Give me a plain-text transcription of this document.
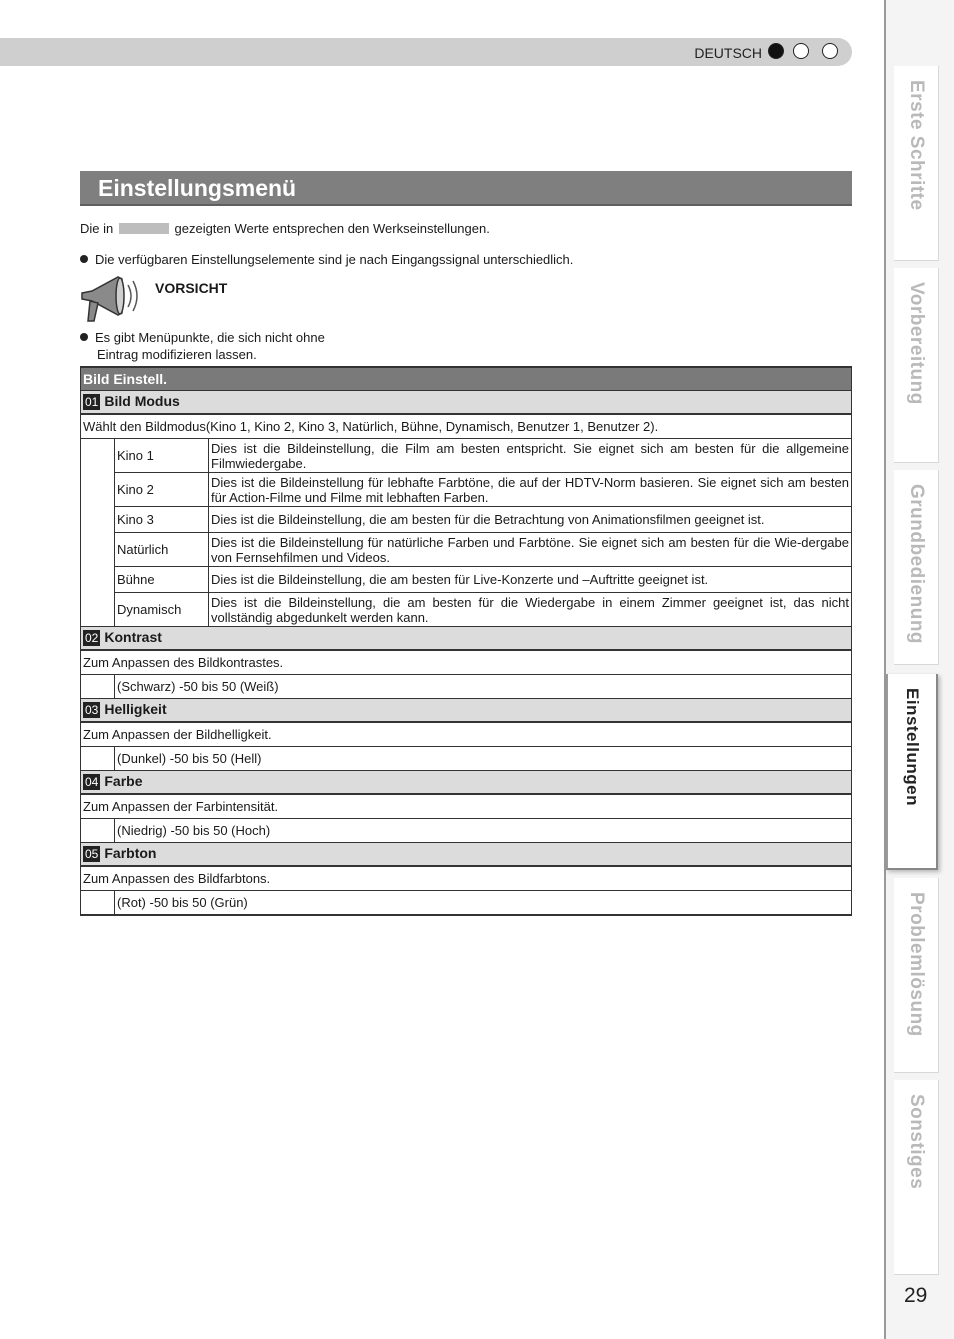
DEUTSCH
Erste Schritte
Vorbereitung
Grundbedienung
Einstellungen
Problemlösung
Sonstiges
29
Einstellungsmenü
Die in	gezeigten Werte entsprechen den Werkseinstellungen.
Die verfügbaren Einstellungselemente sind je nach Eingangssignal unterschiedlich.
VORSICHT
Es gibt Menüpunkte, die sich nicht ohne
Eintrag modifizieren lassen.
Bild Einstell.		
01 Bild Modus		
Wählt den Bildmodus(Kino 1, Kino 2, Kino 3, Natürlich, Bühne, Dynamisch, Benutzer 1, Benutzer 2).		
	Kino 1	Dies ist die Bildeinstellung, die Film am besten entspricht. Sie eignet sich am besten für die allgemeine Filmwiedergabe.
	Kino 2	Dies ist die Bildeinstellung für lebhafte Farbtöne, die auf der HDTV-Norm basieren. Sie eignet sich am besten für Action-Filme und Filme mit lebhaften Farben.
	Kino 3	Dies ist die Bildeinstellung, die am besten für die Betrachtung von Animationsfilmen geeignet ist.
	Natürlich	Dies ist die Bildeinstellung für natürliche Farben und Farbtöne. Sie eignet sich am besten für die Wie-dergabe von Fernsehfilmen und Videos.
	Bühne	Dies ist die Bildeinstellung, die am besten für Live-Konzerte und –Auftritte geeignet ist.
	Dynamisch	Dies ist die Bildeinstellung, die am besten für die Wiedergabe in einem Zimmer geeignet ist, das nicht vollständig abgedunkelt werden kann.
02 Kontrast		
Zum Anpassen des Bildkontrastes.		
	(Schwarz) -50 bis 50 (Weiß)	
03 Helligkeit		
Zum Anpassen der Bildhelligkeit.		
	(Dunkel) -50 bis 50 (Hell)	
04 Farbe		
Zum Anpassen der Farbintensität.		
	(Niedrig) -50 bis 50 (Hoch)	
05 Farbton		
Zum Anpassen des Bildfarbtons.		
	(Rot) -50 bis 50 (Grün)	
